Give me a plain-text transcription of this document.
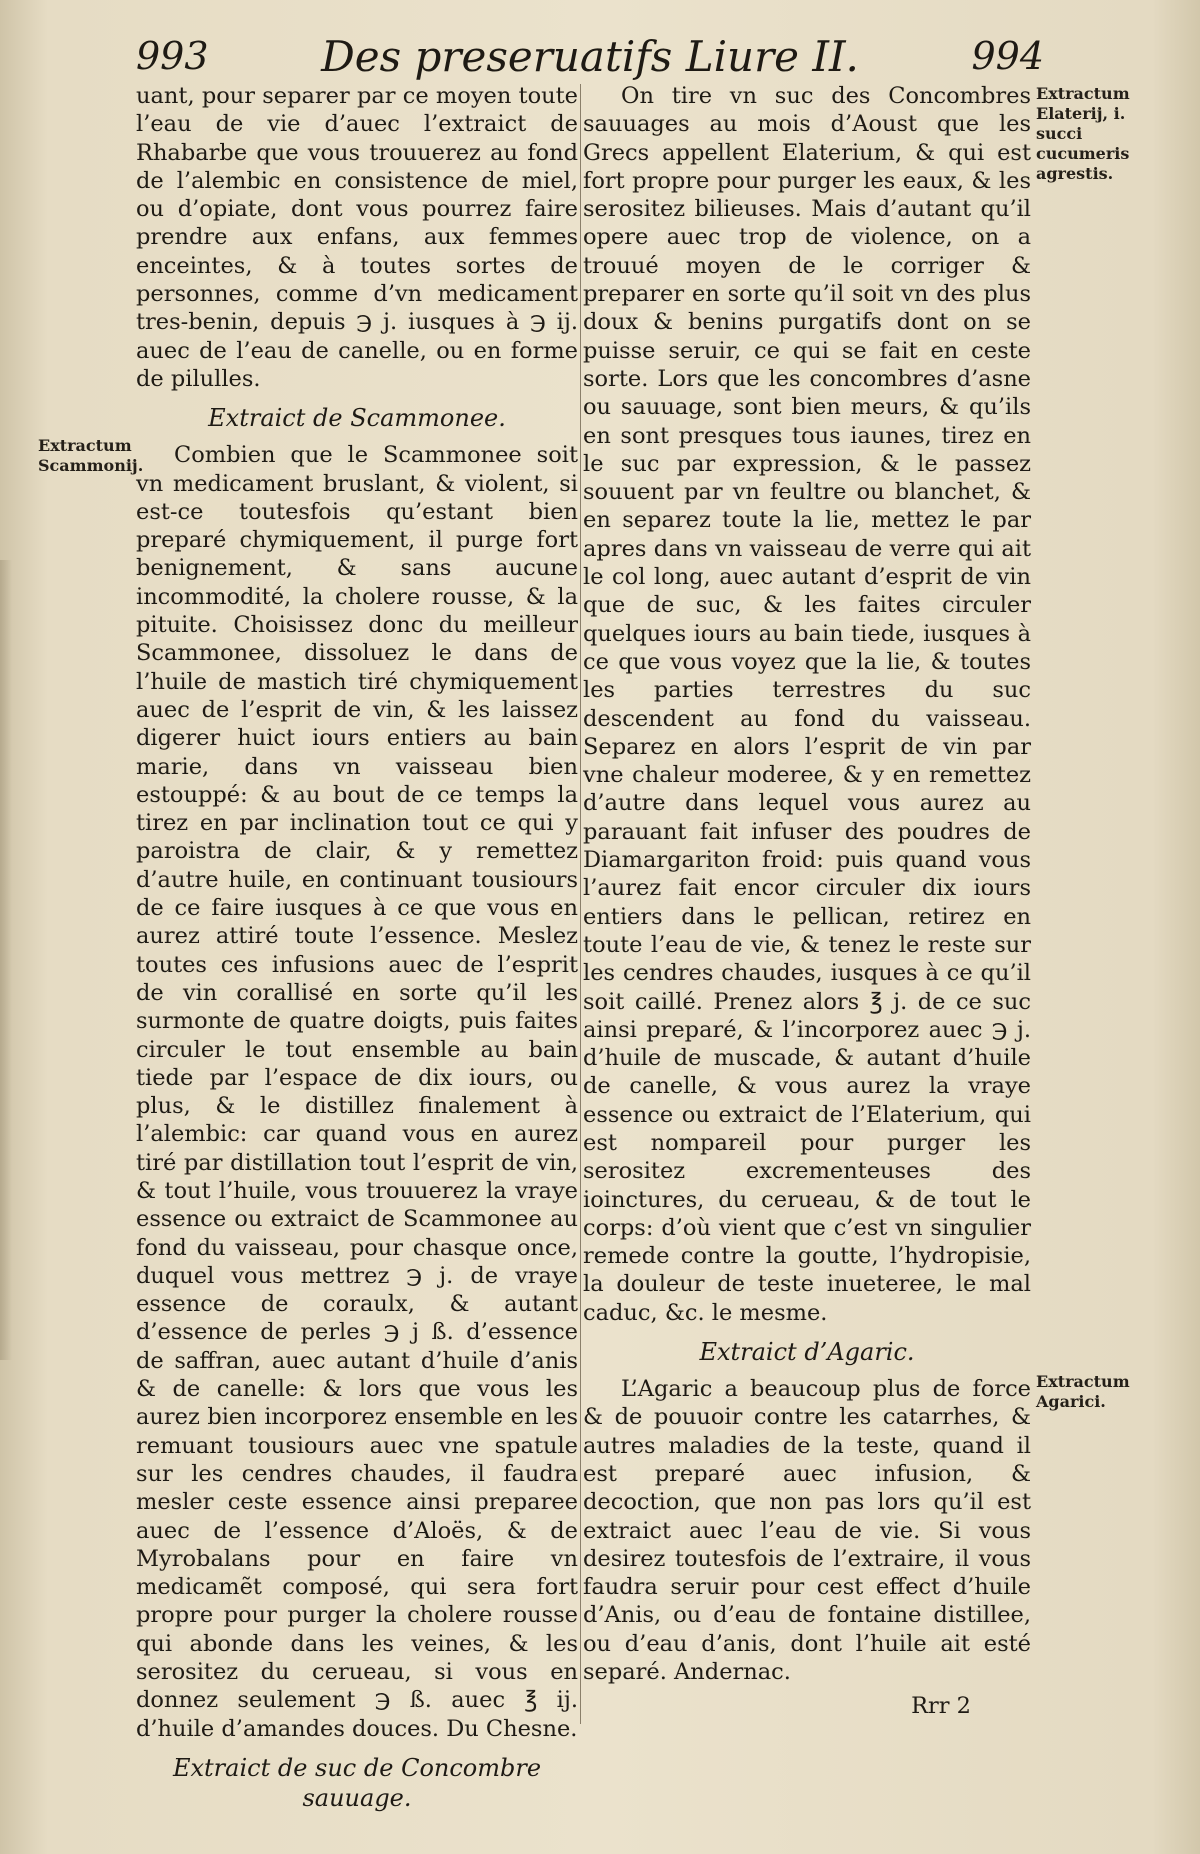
993	Des preseruatifs Liure II.	994

uant, pour separer par ce moyen toute l’eau de vie d’auec l’extraict de Rhabarbe que vous trouuerez au fond de l’alembic en consistence de miel, ou d’opiate, dont vous pourrez faire prendre aux enfans, aux femmes enceintes, & à toutes sortes de personnes, comme d’vn medicament tres-benin, depuis ℈ j. iusques à ℈ ij. auec de l’eau de canelle, ou en forme de pilulles.

Extraict de Scammonee.

Combien que le Scammonee soit vn medicament bruslant, & violent, si est-ce toutesfois qu’estant bien preparé chymiquement, il purge fort benignement, & sans aucune incommodité, la cholere rousse, & la pituite. Choisissez donc du meilleur Scammonee, dissoluez le dans de l’huile de mastich tiré chymiquement auec de l’esprit de vin, & les laissez digerer huict iours entiers au bain marie, dans vn vaisseau bien estouppé: & au bout de ce temps la tirez en par inclination tout ce qui y paroistra de clair, & y remettez d’autre huile, en continuant tousiours de ce faire iusques à ce que vous en aurez attiré toute l’essence. Meslez toutes ces infusions auec de l’esprit de vin corallisé en sorte qu’il les surmonte de quatre doigts, puis faites circuler le tout ensemble au bain tiede par l’espace de dix iours, ou plus, & le distillez finalement à l’alembic: car quand vous en aurez tiré par distillation tout l’esprit de vin, & tout l’huile, vous trouuerez la vraye essence ou extraict de Scammonee au fond du vaisseau, pour chasque once, duquel vous mettrez ℈ j. de vraye essence de coraulx, & autant d’essence de perles ℈ j ß. d’essence de saffran, auec autant d’huile d’anis & de canelle: & lors que vous les aurez bien incorporez ensemble en les remuant tousiours auec vne spatule sur les cendres chaudes, il faudra mesler ceste essence ainsi preparee auec de l’essence d’Aloës, & de Myrobalans pour en faire vn medicamẽt composé, qui sera fort propre pour purger la cholere rousse qui abonde dans les veines, & les serositez du cerueau, si vous en donnez seulement ℈ ß. auec ℥ ij. d’huile d’amandes douces. Du Chesne.

Extraict de suc de Concombre sauuage.

On tire vn suc des Concombres sauuages au mois d’Aoust que les Grecs appellent Elaterium, & qui est fort propre pour purger les eaux, & les serositez bilieuses. Mais d’autant qu’il opere auec trop de violence, on a trouué moyen de le corriger & preparer en sorte qu’il soit vn des plus doux & benins purgatifs dont on se puisse seruir, ce qui se fait en ceste sorte. Lors que les concombres d’asne ou sauuage, sont bien meurs, & qu’ils en sont presques tous iaunes, tirez en le suc par expression, & le passez souuent par vn feultre ou blanchet, & en separez toute la lie, mettez le par apres dans vn vaisseau de verre qui ait le col long, auec autant d’esprit de vin que de suc, & les faites circuler quelques iours au bain tiede, iusques à ce que vous voyez que la lie, & toutes les parties terrestres du suc descendent au fond du vaisseau. Separez en alors l’esprit de vin par vne chaleur moderee, & y en remettez d’autre dans lequel vous aurez au parauant fait infuser des poudres de Diamargariton froid: puis quand vous l’aurez fait encor circuler dix iours entiers dans le pellican, retirez en toute l’eau de vie, & tenez le reste sur les cendres chaudes, iusques à ce qu’il soit caillé. Prenez alors ℥ j. de ce suc ainsi preparé, & l’incorporez auec ℈ j. d’huile de muscade, & autant d’huile de canelle, & vous aurez la vraye essence ou extraict de l’Elaterium, qui est nompareil pour purger les serositez excrementeuses des ioinctures, du cerueau, & de tout le corps: d’où vient que c’est vn singulier remede contre la goutte, l’hydropisie, la douleur de teste inueteree, le mal caduc, &c. le mesme.

Extraict d’Agaric.

L’Agaric a beaucoup plus de force & de pouuoir contre les catarrhes, & autres maladies de la teste, quand il est preparé auec infusion, & decoction, que non pas lors qu’il est extraict auec l’eau de vie. Si vous desirez toutesfois de l’extraire, il vous faudra seruir pour cest effect d’huile d’Anis, ou d’eau de fontaine distillee, ou d’eau d’anis, dont l’huile ait esté separé. Andernac.

Rrr 2

Extractum Scammonij.
Extractum Elaterij, i. succi cucumeris agrestis.
Extractum Agarici.
